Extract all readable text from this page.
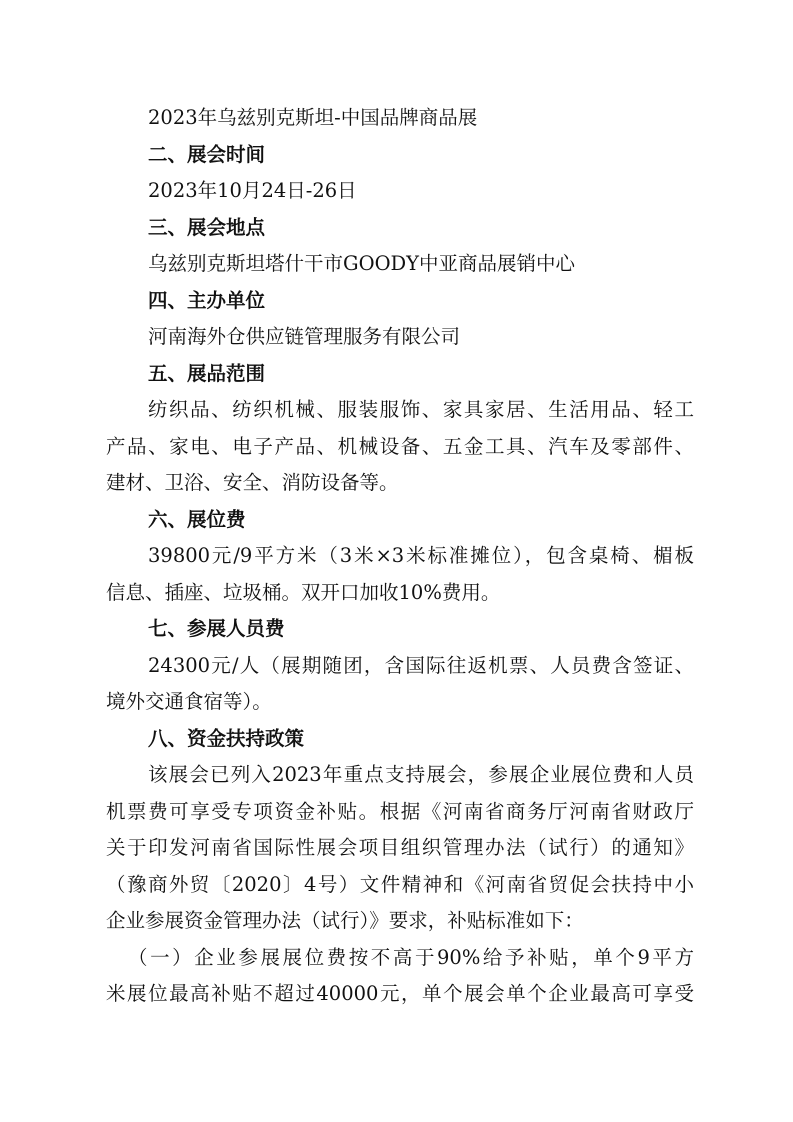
2023年乌兹别克斯坦-中国品牌商品展
二、展会时间
2023年10月24日-26日
三、展会地点
乌兹别克斯坦塔什干市GOODY中亚商品展销中心
四、主办单位
河南海外仓供应链管理服务有限公司
五、展品范围
纺织品、纺织机械、服装服饰、家具家居、生活用品、轻工
产品、家电、电子产品、机械设备、五金工具、汽车及零部件、
建材、卫浴、安全、消防设备等。
六、展位费
39800元/9平方米（3米×3米标准摊位），包含桌椅、楣板
信息、插座、垃圾桶。双开口加收10%费用。
七、参展人员费
24300元/人（展期随团，含国际往返机票、人员费含签证、
境外交通食宿等）。
八、资金扶持政策
该展会已列入2023年重点支持展会，参展企业展位费和人员
机票费可享受专项资金补贴。根据《河南省商务厅河南省财政厅
关于印发河南省国际性展会项目组织管理办法（试行）的通知》
（豫商外贸〔2020〕4号）文件精神和《河南省贸促会扶持中小
企业参展资金管理办法（试行）》要求，补贴标准如下：
（一）企业参展展位费按不高于90%给予补贴，单个9平方
米展位最高补贴不超过40000元，单个展会单个企业最高可享受
